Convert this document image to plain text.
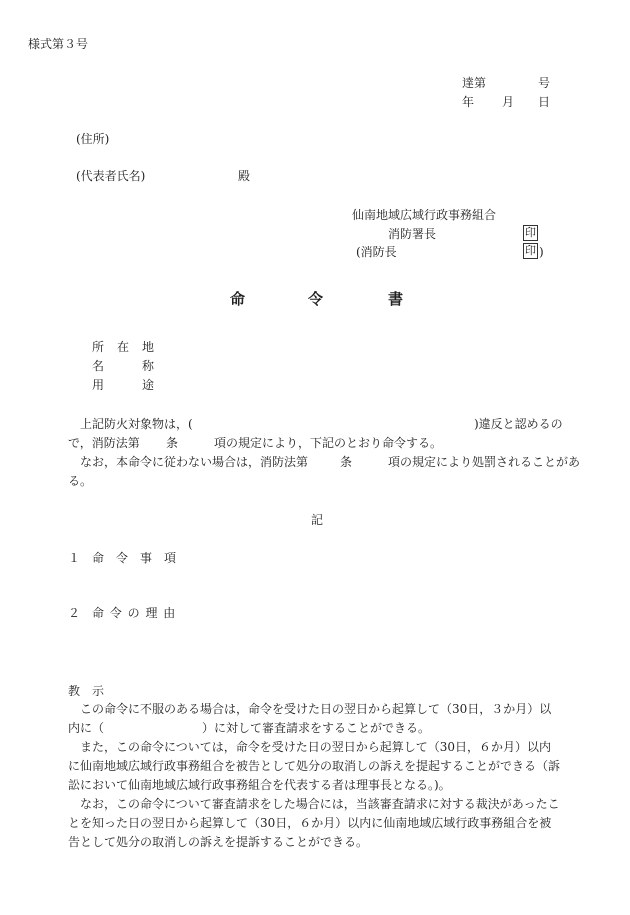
様式第３号
達第	号
年 月 日
(住所)
(代表者氏名)	殿
仙南地域広域行政事務組合
消防署長	印
(消防長	印 )
命	令	書
所 在 地
名	称
用	途
上記防火対象物は，(	)違反と認めるの
で，消防法第 条	項の規定により，下記のとおり命令する。
なお，本命令に従わない場合は，消防法第	条	項の規定により処罰されることがあ
る。
記
１ 命 令 事 項
２ 命 令 の 理 由
教　示
この命令に不服のある場合は，命令を受けた日の翌日から起算して（30日，３か月）以
内に（	）に対して審査請求をすることができる。
また，この命令については，命令を受けた日の翌日から起算して（30日，６か月）以内
に仙南地域広域行政事務組合を被告として処分の取消しの訴えを提起することができる（訴
訟において仙南地域広域行政事務組合を代表する者は理事長となる。)。
なお，この命令について審査請求をした場合には，当該審査請求に対する裁決があったこ
とを知った日の翌日から起算して（30日，６か月）以内に仙南地域広域行政事務組合を被
告として処分の取消しの訴えを提訴することができる。
